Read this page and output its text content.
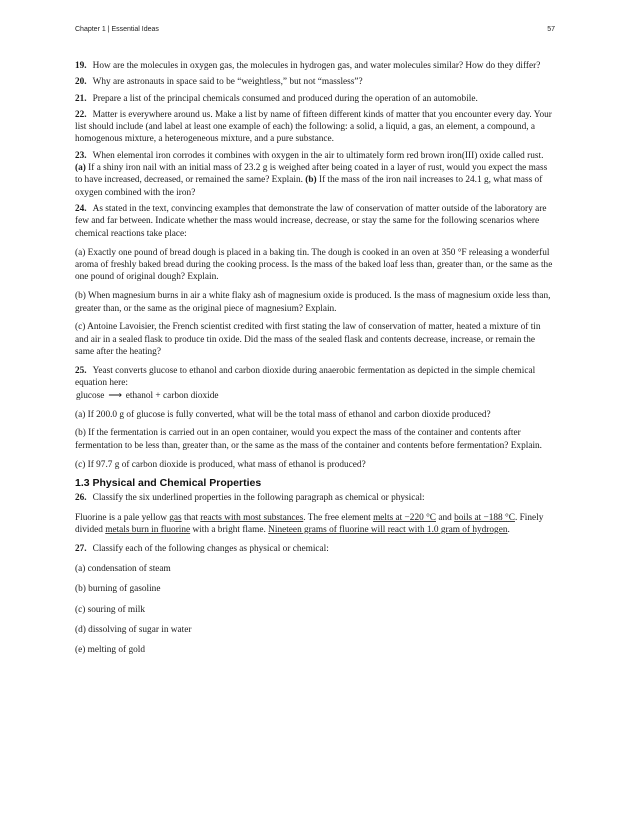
Chapter 1 | Essential Ideas	57

19. How are the molecules in oxygen gas, the molecules in hydrogen gas, and water molecules similar? How do they differ?

20. Why are astronauts in space said to be “weightless,” but not “massless”?

21. Prepare a list of the principal chemicals consumed and produced during the operation of an automobile.

22. Matter is everywhere around us. Make a list by name of fifteen different kinds of matter that you encounter every day. Your list should include (and label at least one example of each) the following: a solid, a liquid, a gas, an element, a compound, a homogenous mixture, a heterogeneous mixture, and a pure substance.

23. When elemental iron corrodes it combines with oxygen in the air to ultimately form red brown iron(III) oxide called rust. (a) If a shiny iron nail with an initial mass of 23.2 g is weighed after being coated in a layer of rust, would you expect the mass to have increased, decreased, or remained the same? Explain. (b) If the mass of the iron nail increases to 24.1 g, what mass of oxygen combined with the iron?

24. As stated in the text, convincing examples that demonstrate the law of conservation of matter outside of the laboratory are few and far between. Indicate whether the mass would increase, decrease, or stay the same for the following scenarios where chemical reactions take place:

(a) Exactly one pound of bread dough is placed in a baking tin. The dough is cooked in an oven at 350 °F releasing a wonderful aroma of freshly baked bread during the cooking process. Is the mass of the baked loaf less than, greater than, or the same as the one pound of original dough? Explain.

(b) When magnesium burns in air a white flaky ash of magnesium oxide is produced. Is the mass of magnesium oxide less than, greater than, or the same as the original piece of magnesium? Explain.

(c) Antoine Lavoisier, the French scientist credited with first stating the law of conservation of matter, heated a mixture of tin and air in a sealed flask to produce tin oxide. Did the mass of the sealed flask and contents decrease, increase, or remain the same after the heating?

25. Yeast converts glucose to ethanol and carbon dioxide during anaerobic fermentation as depicted in the simple chemical equation here:

glucose ⟶ ethanol + carbon dioxide

(a) If 200.0 g of glucose is fully converted, what will be the total mass of ethanol and carbon dioxide produced?

(b) If the fermentation is carried out in an open container, would you expect the mass of the container and contents after fermentation to be less than, greater than, or the same as the mass of the container and contents before fermentation? Explain.

(c) If 97.7 g of carbon dioxide is produced, what mass of ethanol is produced?

1.3 Physical and Chemical Properties

26. Classify the six underlined properties in the following paragraph as chemical or physical:

Fluorine is a pale yellow gas that reacts with most substances. The free element melts at −220 °C and boils at −188 °C. Finely divided metals burn in fluorine with a bright flame. Nineteen grams of fluorine will react with 1.0 gram of hydrogen.

27. Classify each of the following changes as physical or chemical:

(a) condensation of steam

(b) burning of gasoline

(c) souring of milk

(d) dissolving of sugar in water

(e) melting of gold
